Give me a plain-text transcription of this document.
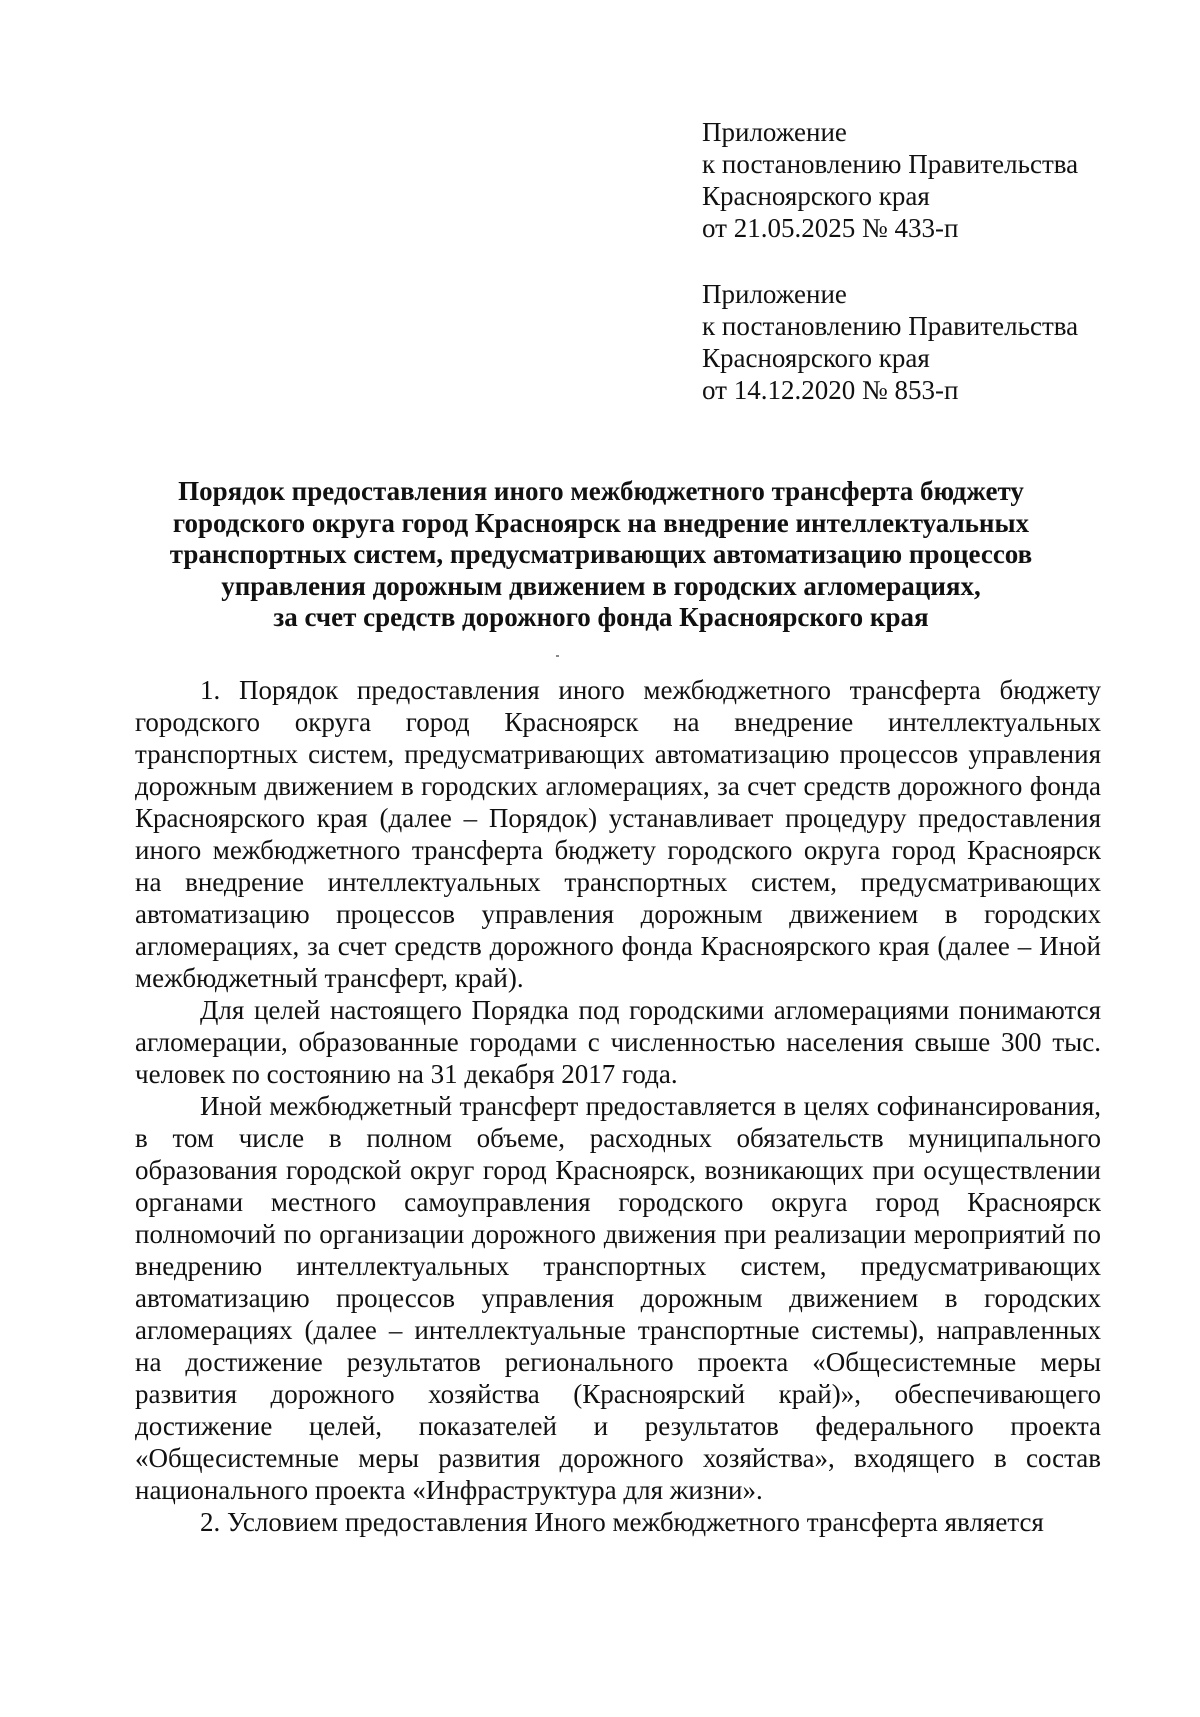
Приложение
к постановлению Правительства
Красноярского края
от 21.05.2025 № 433-п
Приложение
к постановлению Правительства
Красноярского края
от 14.12.2020 № 853-п
Порядок предоставления иного межбюджетного трансферта бюджету
городского округа город Красноярск на внедрение интеллектуальных
транспортных систем, предусматривающих автоматизацию процессов
управления дорожным движением в городских агломерациях,
за счет средств дорожного фонда Красноярского края

1. Порядок предоставления иного межбюджетного трансферта бюджету городского округа город Красноярск на внедрение интеллектуальных транспортных систем, предусматривающих автоматизацию процессов управления дорожным движением в городских агломерациях, за счет средств дорожного фонда Красноярского края (далее – Порядок) устанавливает процедуру предоставления иного межбюджетного трансферта бюджету городского округа город Красноярск на внедрение интеллектуальных транспортных систем, предусматривающих автоматизацию процессов управления дорожным движением в городских агломерациях, за счет средств дорожного фонда Красноярского края (далее – Иной межбюджетный трансферт, край).

Для целей настоящего Порядка под городскими агломерациями понимаются агломерации, образованные городами с численностью населения свыше 300 тыс. человек по состоянию на 31 декабря 2017 года.

Иной межбюджетный трансферт предоставляется в целях софинансирования, в том числе в полном объеме, расходных обязательств муниципального образования городской округ город Красноярск, возникающих при осуществлении органами местного самоуправления городского округа город Красноярск полномочий по организации дорожного движения при реализации мероприятий по внедрению интеллектуальных транспортных систем, предусматривающих автоматизацию процессов управления дорожным движением в городских агломерациях (далее – интеллектуальные транспортные системы), направленных на достижение результатов регионального проекта «Общесистемные меры развития дорожного хозяйства (Красноярский край)», обеспечивающего достижение целей, показателей и результатов федерального проекта «Общесистемные меры развития дорожного хозяйства», входящего в состав национального проекта «Инфраструктура для жизни».

2. Условием предоставления Иного межбюджетного трансферта является
